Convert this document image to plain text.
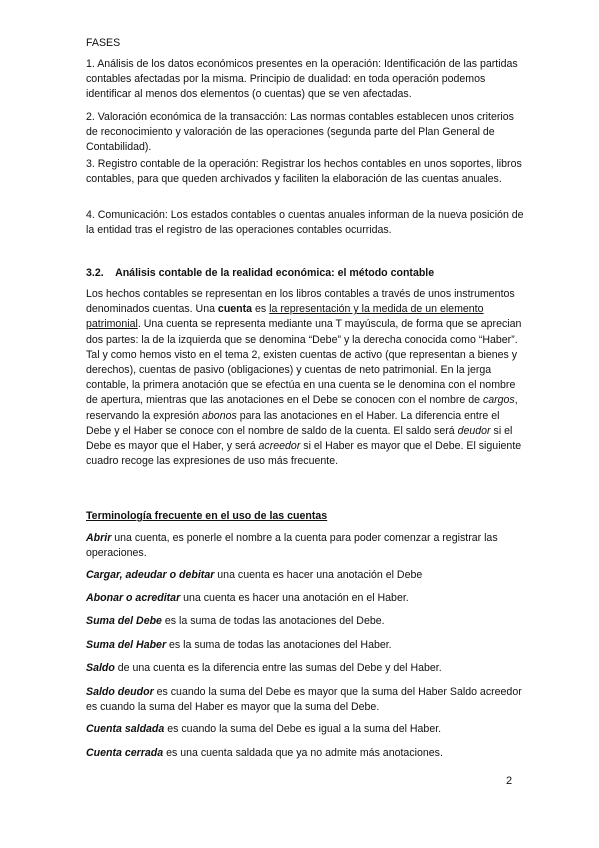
FASES
1. Análisis de los datos económicos presentes en la operación: Identificación de las partidas contables afectadas por la misma. Principio de dualidad: en toda operación podemos identificar al menos dos elementos (o cuentas) que se ven afectadas.
2. Valoración económica de la transacción: Las normas contables establecen unos criterios de reconocimiento y valoración de las operaciones (segunda parte del Plan General de Contabilidad).
3. Registro contable de la operación: Registrar los hechos contables en unos soportes, libros contables, para que queden archivados y faciliten la elaboración de las cuentas anuales.
4. Comunicación: Los estados contables o cuentas anuales informan de la nueva posición de la entidad tras el registro de las operaciones contables ocurridas.
3.2. Análisis contable de la realidad económica: el método contable
Los hechos contables se representan en los libros contables a través de unos instrumentos denominados cuentas. Una cuenta es la representación y la medida de un elemento patrimonial. Una cuenta se representa mediante una T mayúscula, de forma que se aprecian dos partes: la de la izquierda que se denomina “Debe” y la derecha conocida como “Haber”. Tal y como hemos visto en el tema 2, existen cuentas de activo (que representan a bienes y derechos), cuentas de pasivo (obligaciones) y cuentas de neto patrimonial. En la jerga contable, la primera anotación que se efectúa en una cuenta se le denomina con el nombre de apertura, mientras que las anotaciones en el Debe se conocen con el nombre de cargos, reservando la expresión abonos para las anotaciones en el Haber. La diferencia entre el Debe y el Haber se conoce con el nombre de saldo de la cuenta. El saldo será deudor si el Debe es mayor que el Haber, y será acreedor si el Haber es mayor que el Debe. El siguiente cuadro recoge las expresiones de uso más frecuente.
Terminología frecuente en el uso de las cuentas
Abrir una cuenta, es ponerle el nombre a la cuenta para poder comenzar a registrar las operaciones.
Cargar, adeudar o debitar una cuenta es hacer una anotación el Debe
Abonar o acreditar una cuenta es hacer una anotación en el Haber.
Suma del Debe es la suma de todas las anotaciones del Debe.
Suma del Haber es la suma de todas las anotaciones del Haber.
Saldo de una cuenta es la diferencia entre las sumas del Debe y del Haber.
Saldo deudor es cuando la suma del Debe es mayor que la suma del Haber Saldo acreedor es cuando la suma del Haber es mayor que la suma del Debe.
Cuenta saldada es cuando la suma del Debe es igual a la suma del Haber.
Cuenta cerrada es una cuenta saldada que ya no admite más anotaciones.
2
